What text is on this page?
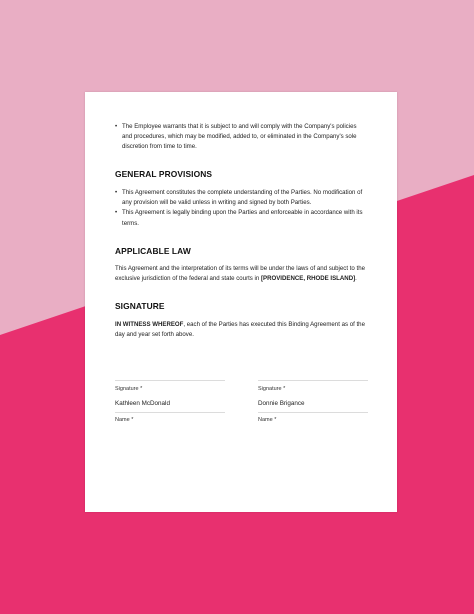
• The Employee warrants that it is subject to and will comply with the Company's policies and procedures, which may be modified, added to, or eliminated in the Company's sole discretion from time to time.
GENERAL PROVISIONS
• This Agreement constitutes the complete understanding of the Parties. No modification of any provision will be valid unless in writing and signed by both Parties.
• This Agreement is legally binding upon the Parties and enforceable in accordance with its terms.
APPLICABLE LAW

This Agreement and the interpretation of its terms will be under the laws of and subject to the exclusive jurisdiction of the federal and state courts in [PROVIDENCE, RHODE ISLAND].

SIGNATURE

IN WITNESS WHEREOF, each of the Parties has executed this Binding Agreement as of the day and year set forth above.

Signature *
Kathleen McDonald
Name *
Signature *
Donnie Brigance
Name *
